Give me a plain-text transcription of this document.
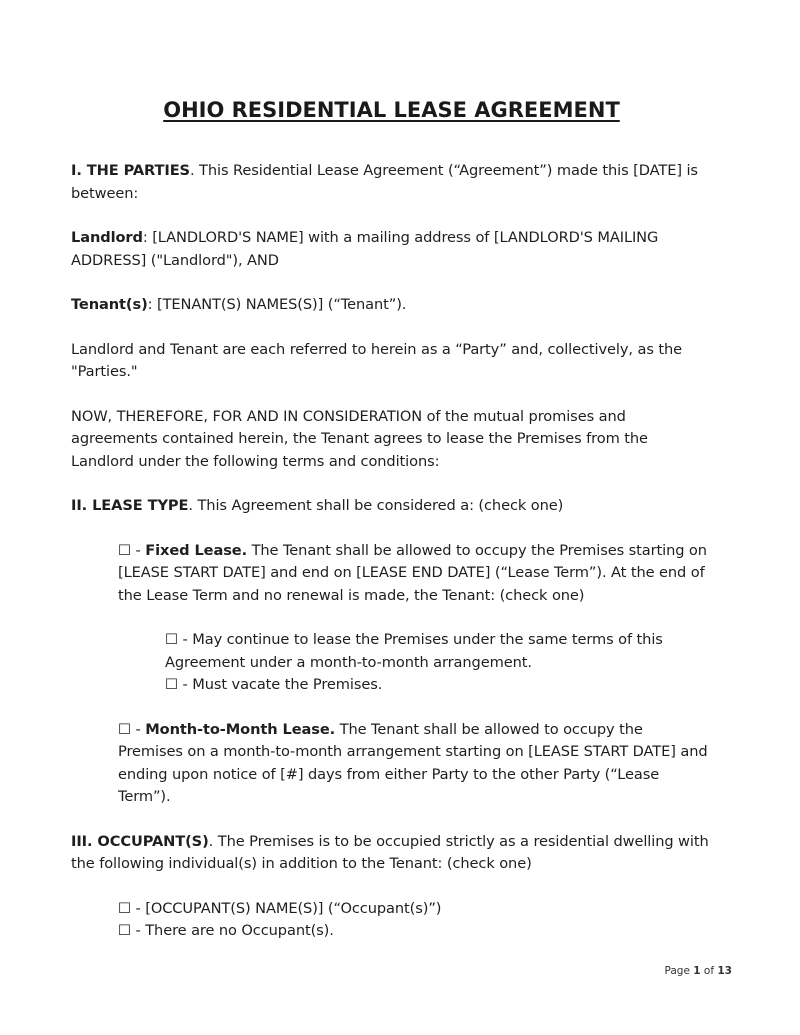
OHIO RESIDENTIAL LEASE AGREEMENT

I. THE PARTIES. This Residential Lease Agreement (“Agreement”) made this [DATE] is between:

Landlord: [LANDLORD'S NAME] with a mailing address of [LANDLORD'S MAILING ADDRESS] ("Landlord"), AND

Tenant(s): [TENANT(S) NAMES(S)] (“Tenant”).

Landlord and Tenant are each referred to herein as a “Party” and, collectively, as the "Parties."

NOW, THEREFORE, FOR AND IN CONSIDERATION of the mutual promises and agreements contained herein, the Tenant agrees to lease the Premises from the Landlord under the following terms and conditions:

II. LEASE TYPE. This Agreement shall be considered a: (check one)

☐ - Fixed Lease. The Tenant shall be allowed to occupy the Premises starting on [LEASE START DATE] and end on [LEASE END DATE] (“Lease Term”). At the end of the Lease Term and no renewal is made, the Tenant: (check one)

☐ - May continue to lease the Premises under the same terms of this Agreement under a month-to-month arrangement.

☐ - Must vacate the Premises.

☐ - Month-to-Month Lease. The Tenant shall be allowed to occupy the Premises on a month-to-month arrangement starting on [LEASE START DATE] and ending upon notice of [#] days from either Party to the other Party (“Lease Term”).

III. OCCUPANT(S). The Premises is to be occupied strictly as a residential dwelling with the following individual(s) in addition to the Tenant: (check one)

☐ - [OCCUPANT(S) NAME(S)] (“Occupant(s)”)

☐ - There are no Occupant(s).

Page 1 of 13
